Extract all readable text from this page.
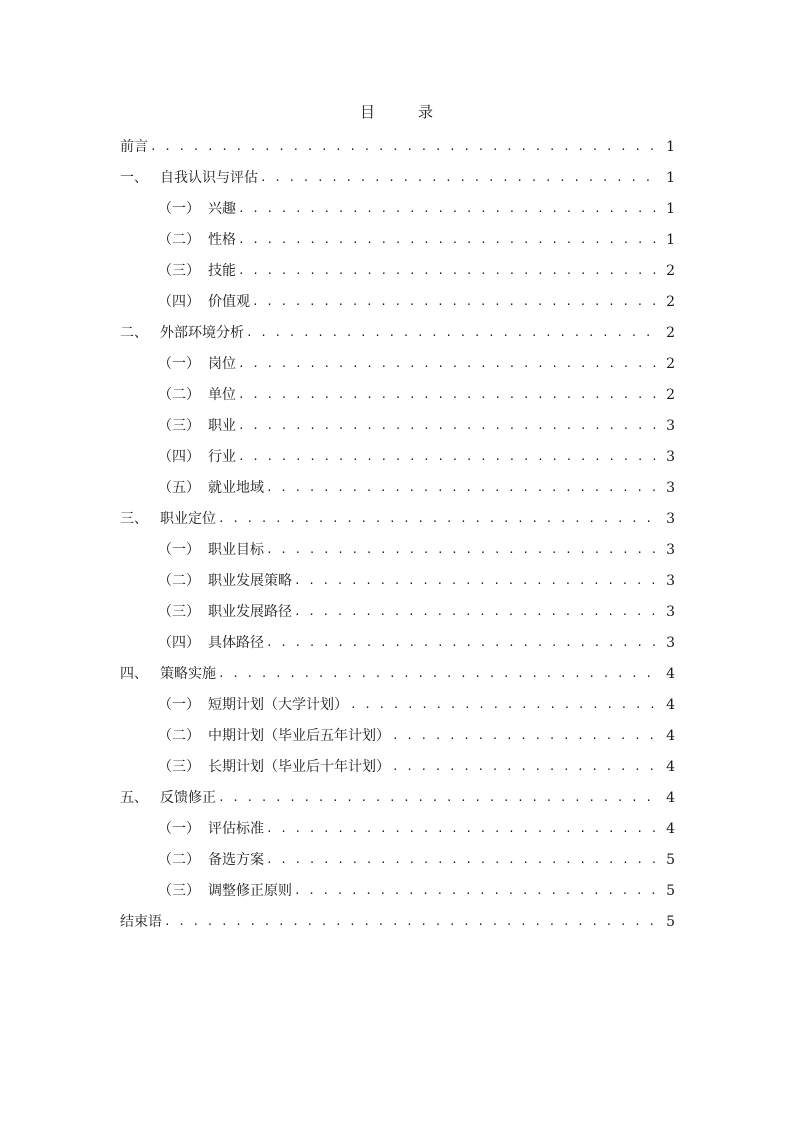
目　录
前言 . . .	1
一、 自我认识与评估 . . .	1
（一） 兴趣 . . .	1
（二） 性格 . . .	1
（三） 技能 . . .	2
（四） 价值观 . . .	2
二、 外部环境分析 . . .	2
（一） 岗位 . . .	2
（二） 单位 . . .	2
（三） 职业 . . .	3
（四） 行业 . . .	3
（五） 就业地域 . . .	3
三、 职业定位 . . .	3
（一） 职业目标 . . .	3
（二） 职业发展策略 . . .	3
（三） 职业发展路径 . . .	3
（四） 具体路径 . . .	3
四、 策略实施 . . .	4
（一） 短期计划（大学计划） . . .	4
（二） 中期计划（毕业后五年计划） . . .	4
（三） 长期计划（毕业后十年计划） . . .	4
五、 反馈修正 . . .	4
（一） 评估标准 . . .	4
（二） 备选方案 . . .	5
（三） 调整修正原则 . . .	5
结束语 . . .	5
